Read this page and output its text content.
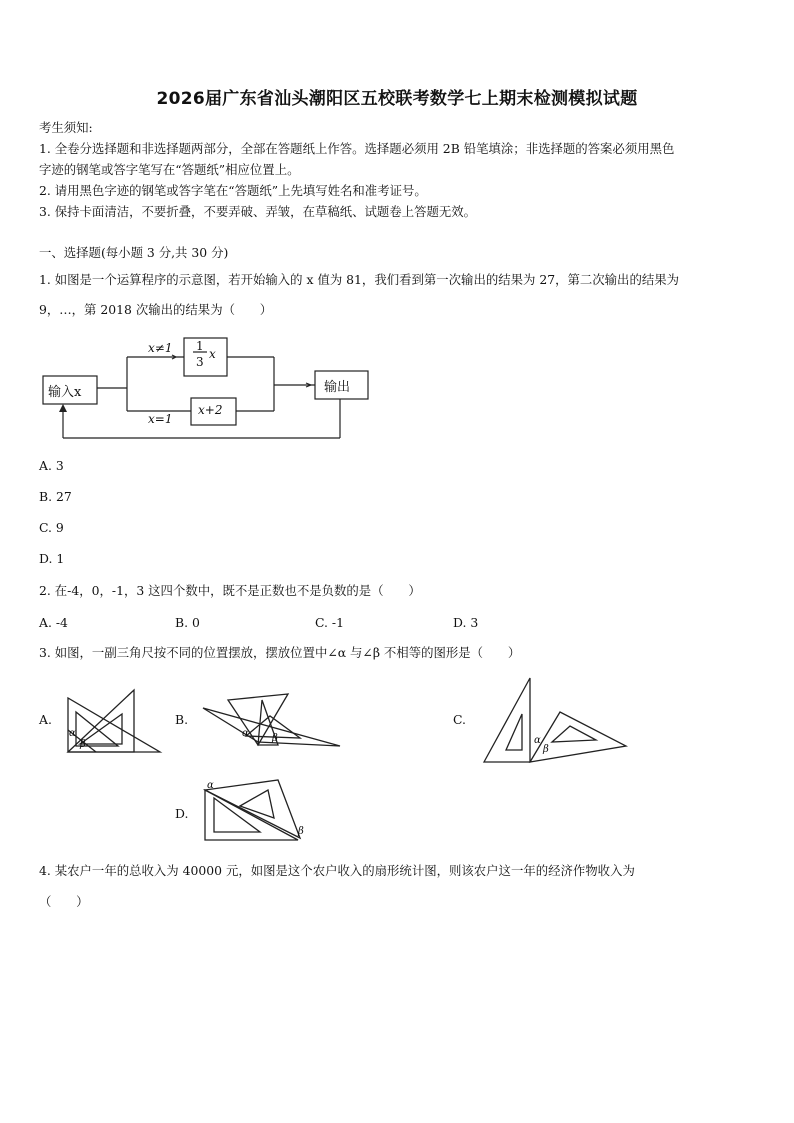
2026届广东省汕头潮阳区五校联考数学七上期末检测模拟试题
考生须知:
1. 全卷分选择题和非选择题两部分，全部在答题纸上作答。选择题必须用 2B 铅笔填涂；非选择题的答案必须用黑色
字迹的钢笔或答字笔写在“答题纸”相应位置上。
2. 请用黑色字迹的钢笔或答字笔在“答题纸”上先填写姓名和准考证号。
3. 保持卡面清洁，不要折叠，不要弄破、弄皱，在草稿纸、试题卷上答题无效。
一、选择题(每小题 3 分,共 30 分)
1. 如图是一个运算程序的示意图，若开始输入的 x 值为 81，我们看到第一次输出的结果为 27，第二次输出的结果为
9，…，第 2018 次输出的结果为（　　）
输入x	输出
x≠1
x=1
1
3
x
x+2
A. 3
B. 27
C. 9
D. 1
2. 在-4，0，-1，3 这四个数中，既不是正数也不是负数的是（　　）
A. -4	B. 0	C. -1	D. 3
3. 如图，一副三角尺按不同的位置摆放，摆放位置中∠α 与∠β 不相等的图形是（　　）
A.	B.	C.
D.
α
β
α β	α
β
α
β
4. 某农户一年的总收入为 40000 元，如图是这个农户收入的扇形统计图，则该农户这一年的经济作物收入为
（　　）
